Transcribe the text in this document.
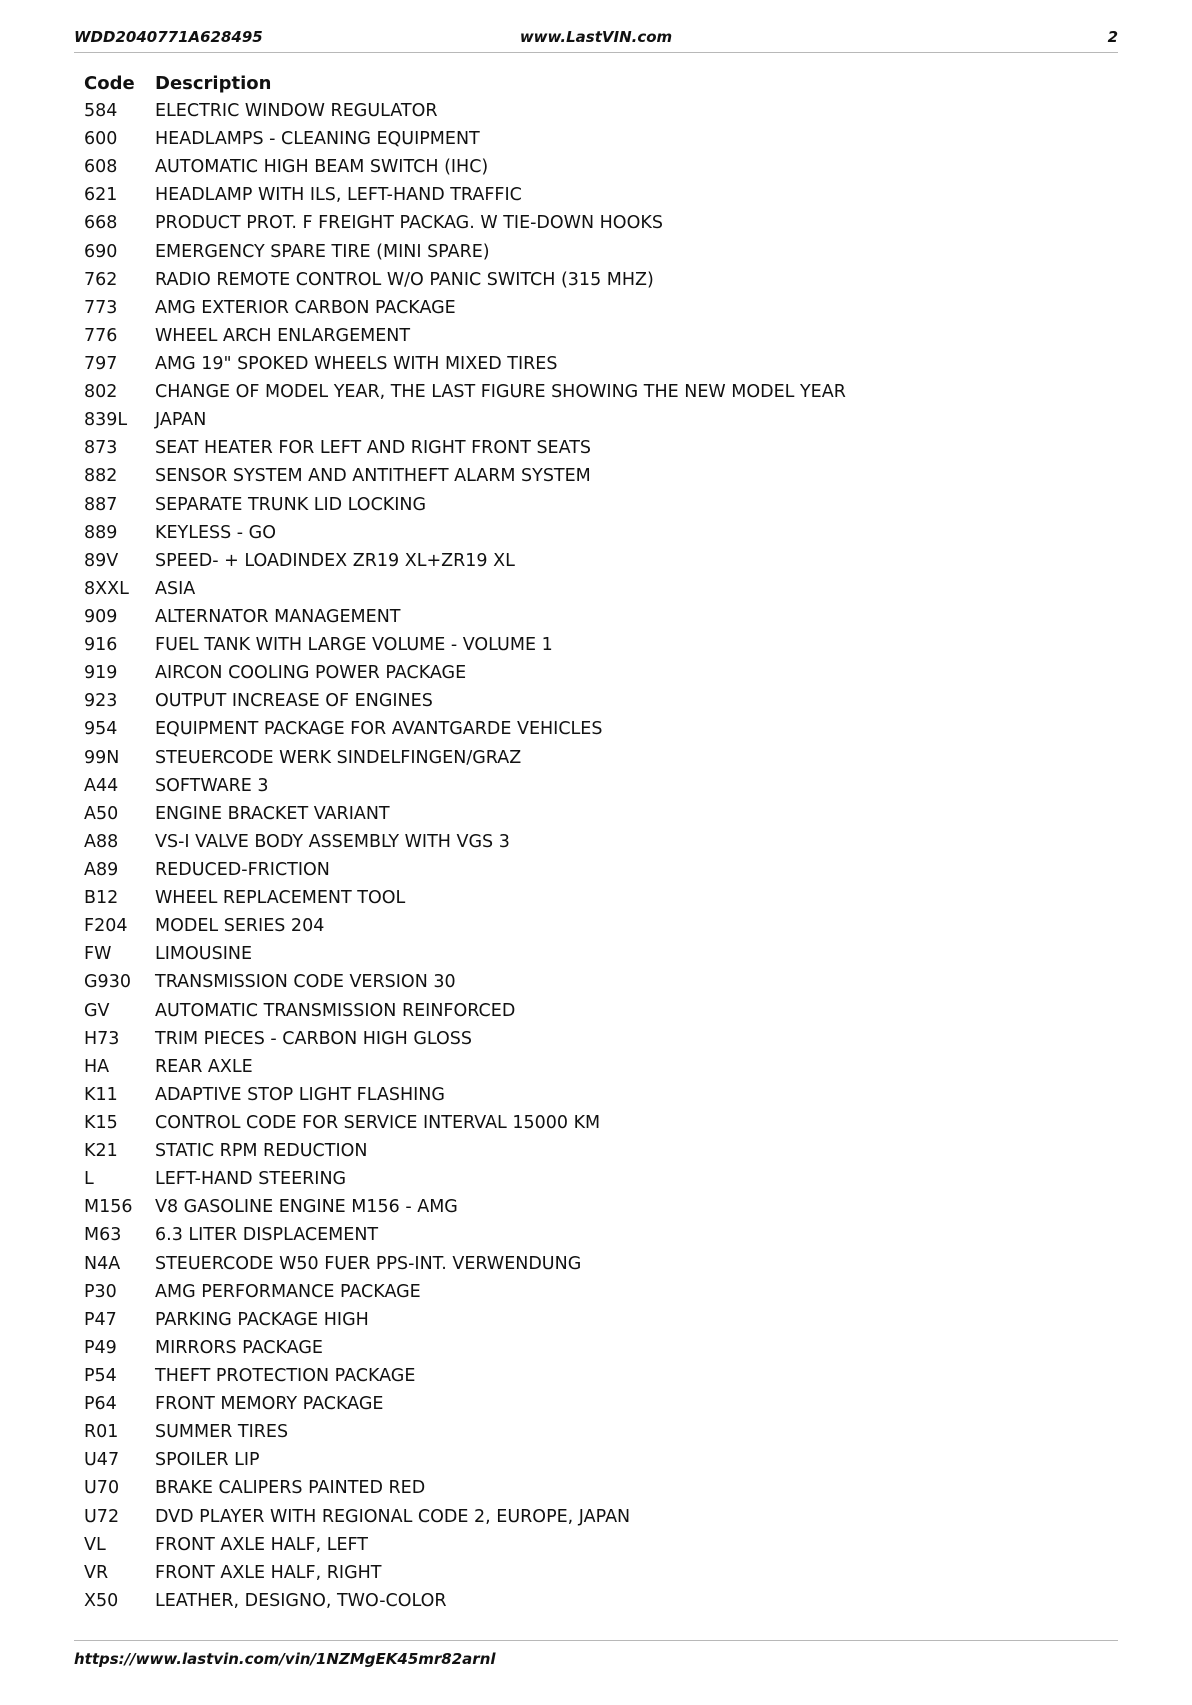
WDD2040771A628495	www.LastVIN.com	2
Code	Description
584	ELECTRIC WINDOW REGULATOR
600	HEADLAMPS - CLEANING EQUIPMENT
608	AUTOMATIC HIGH BEAM SWITCH (IHC)
621	HEADLAMP WITH ILS, LEFT-HAND TRAFFIC
668	PRODUCT PROT. F FREIGHT PACKAG. W TIE-DOWN HOOKS
690	EMERGENCY SPARE TIRE (MINI SPARE)
762	RADIO REMOTE CONTROL W/O PANIC SWITCH (315 MHZ)
773	AMG EXTERIOR CARBON PACKAGE
776	WHEEL ARCH ENLARGEMENT
797	AMG 19" SPOKED WHEELS WITH MIXED TIRES
802	CHANGE OF MODEL YEAR, THE LAST FIGURE SHOWING THE NEW MODEL YEAR
839L	JAPAN
873	SEAT HEATER FOR LEFT AND RIGHT FRONT SEATS
882	SENSOR SYSTEM AND ANTITHEFT ALARM SYSTEM
887	SEPARATE TRUNK LID LOCKING
889	KEYLESS - GO
89V	SPEED- + LOADINDEX ZR19 XL+ZR19 XL
8XXL	ASIA
909	ALTERNATOR MANAGEMENT
916	FUEL TANK WITH LARGE VOLUME - VOLUME 1
919	AIRCON COOLING POWER PACKAGE
923	OUTPUT INCREASE OF ENGINES
954	EQUIPMENT PACKAGE FOR AVANTGARDE VEHICLES
99N	STEUERCODE WERK SINDELFINGEN/GRAZ
A44	SOFTWARE 3
A50	ENGINE BRACKET VARIANT
A88	VS-I VALVE BODY ASSEMBLY WITH VGS 3
A89	REDUCED-FRICTION
B12	WHEEL REPLACEMENT TOOL
F204	MODEL SERIES 204
FW	LIMOUSINE
G930	TRANSMISSION CODE VERSION 30
GV	AUTOMATIC TRANSMISSION REINFORCED
H73	TRIM PIECES - CARBON HIGH GLOSS
HA	REAR AXLE
K11	ADAPTIVE STOP LIGHT FLASHING
K15	CONTROL CODE FOR SERVICE INTERVAL 15000 KM
K21	STATIC RPM REDUCTION
L	LEFT-HAND STEERING
M156	V8 GASOLINE ENGINE M156 - AMG
M63	6.3 LITER DISPLACEMENT
N4A	STEUERCODE W50 FUER PPS-INT. VERWENDUNG
P30	AMG PERFORMANCE PACKAGE
P47	PARKING PACKAGE HIGH
P49	MIRRORS PACKAGE
P54	THEFT PROTECTION PACKAGE
P64	FRONT MEMORY PACKAGE
R01	SUMMER TIRES
U47	SPOILER LIP
U70	BRAKE CALIPERS PAINTED RED
U72	DVD PLAYER WITH REGIONAL CODE 2, EUROPE, JAPAN
VL	FRONT AXLE HALF, LEFT
VR	FRONT AXLE HALF, RIGHT
X50	LEATHER, DESIGNO, TWO-COLOR
https://www.lastvin.com/vin/1NZMgEK45mr82arnl
